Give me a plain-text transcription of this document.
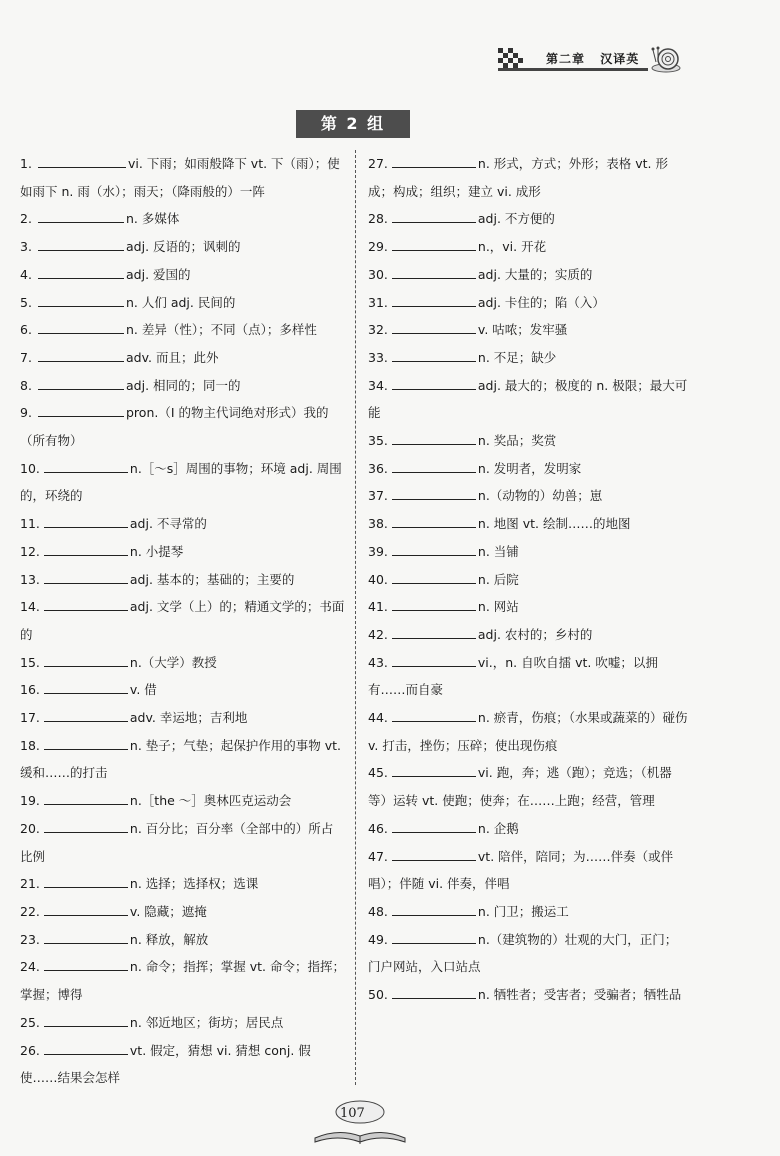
第二章 汉译英
第 2 组
1.	vi. 下雨；如雨般降下 vt. 下（雨）；使如雨下 n. 雨（水）；雨天；（降雨般的）一阵
2.	n. 多媒体
3.	adj. 反语的；讽刺的
4.	adj. 爱国的
5.	n. 人们 adj. 民间的
6.	n. 差异（性）；不同（点）；多样性
7.	adv. 而且；此外
8.	adj. 相同的；同一的
9.	pron.（I 的物主代词绝对形式）我的（所有物）
10.	n.［～s］周围的事物；环境 adj. 周围的，环绕的
11.	adj. 不寻常的
12.	n. 小提琴
13.	adj. 基本的；基础的；主要的
14.	adj. 文学（上）的；精通文学的；书面的
15.	n.（大学）教授
16.	v. 借
17.	adv. 幸运地；吉利地
18.	n. 垫子；气垫；起保护作用的事物 vt. 缓和……的打击
19.	n.［the ～］奥林匹克运动会
20.	n. 百分比；百分率（全部中的）所占比例
21.	n. 选择；选择权；选课
22.	v. 隐藏；遮掩
23.	n. 释放，解放
24.	n. 命令；指挥；掌握 vt. 命令；指挥；掌握；博得
25.	n. 邻近地区；街坊；居民点
26.	vt. 假定，猜想 vi. 猜想 conj. 假使……结果会怎样
27.	n. 形式，方式；外形；表格 vt. 形成；构成；组织；建立 vi. 成形
28.	adj. 不方便的
29.	n.，vi. 开花
30.	adj. 大量的；实质的
31.	adj. 卡住的；陷（入）
32.	v. 咕哝；发牢骚
33.	n. 不足；缺少
34.	adj. 最大的；极度的 n. 极限；最大可能
35.	n. 奖品；奖赏
36.	n. 发明者，发明家
37.	n.（动物的）幼兽；崽
38.	n. 地图 vt. 绘制……的地图
39.	n. 当铺
40.	n. 后院
41.	n. 网站
42.	adj. 农村的；乡村的
43.	vi.，n. 自吹自擂 vt. 吹嘘；以拥有……而自豪
44.	n. 瘀青，伤痕；（水果或蔬菜的）碰伤 v. 打击，挫伤；压碎；使出现伤痕
45.	vi. 跑，奔；逃（跑）；竞选；（机器等）运转 vt. 使跑；使奔；在……上跑；经营，管理
46.	n. 企鹅
47.	vt. 陪伴，陪同；为……伴奏（或伴唱）；伴随 vi. 伴奏，伴唱
48.	n. 门卫；搬运工
49.	n.（建筑物的）壮观的大门，正门；门户网站，入口站点
50.	n. 牺牲者；受害者；受骗者；牺牲品
107
